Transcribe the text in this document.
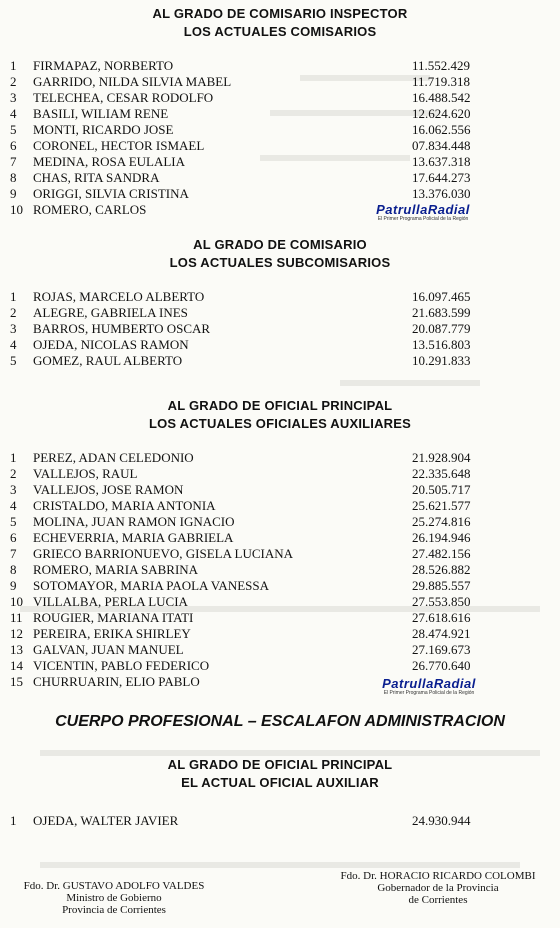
AL GRADO DE COMISARIO INSPECTOR
LOS ACTUALES COMISARIOS
1 FIRMAPAZ, NORBERTO	11.552.429
2 GARRIDO, NILDA SILVIA MABEL	11.719.318
3 TELECHEA, CESAR RODOLFO	16.488.542
4 BASILI, WILIAM RENE	12.624.620
5 MONTI, RICARDO JOSE	16.062.556
6 CORONEL, HECTOR ISMAEL	07.834.448
7 MEDINA, ROSA EULALIA	13.637.318
8 CHAS, RITA SANDRA	17.644.273
9 ORIGGI, SILVIA CRISTINA	13.376.030
10 ROMERO, CARLOS	PatrullaRadial
El Primer Programa Policial de la Región
AL GRADO DE COMISARIO
LOS ACTUALES SUBCOMISARIOS
1 ROJAS, MARCELO ALBERTO	16.097.465
2 ALEGRE, GABRIELA INES	21.683.599
3 BARROS, HUMBERTO OSCAR	20.087.779
4 OJEDA, NICOLAS RAMON	13.516.803
5 GOMEZ, RAUL ALBERTO	10.291.833
AL GRADO DE OFICIAL PRINCIPAL
LOS ACTUALES OFICIALES AUXILIARES
1 PEREZ, ADAN CELEDONIO	21.928.904
2 VALLEJOS, RAUL	22.335.648
3 VALLEJOS, JOSE RAMON	20.505.717
4 CRISTALDO, MARIA ANTONIA	25.621.577
5 MOLINA, JUAN RAMON IGNACIO	25.274.816
6 ECHEVERRIA, MARIA GABRIELA	26.194.946
7 GRIECO BARRIONUEVO, GISELA LUCIANA	27.482.156
8 ROMERO, MARIA SABRINA	28.526.882
9 SOTOMAYOR, MARIA PAOLA VANESSA	29.885.557
10 VILLALBA, PERLA LUCIA	27.553.850
11 ROUGIER, MARIANA ITATI	27.618.616
12 PEREIRA, ERIKA SHIRLEY	28.474.921
13 GALVAN, JUAN MANUEL	27.169.673
14 VICENTIN, PABLO FEDERICO	26.770.640
15 CHURRUARIN, ELIO PABLO	PatrullaRadial
El Primer Programa Policial de la Región
CUERPO PROFESIONAL – ESCALAFON ADMINISTRACION
AL GRADO DE OFICIAL PRINCIPAL
EL ACTUAL OFICIAL AUXILIAR
1 OJEDA, WALTER JAVIER	24.930.944
Fdo. Dr. GUSTAVO ADOLFO VALDES
Ministro de Gobierno
Provincia de Corrientes
Fdo. Dr. HORACIO RICARDO COLOMBI
Gobernador de la Provincia
de Corrientes
